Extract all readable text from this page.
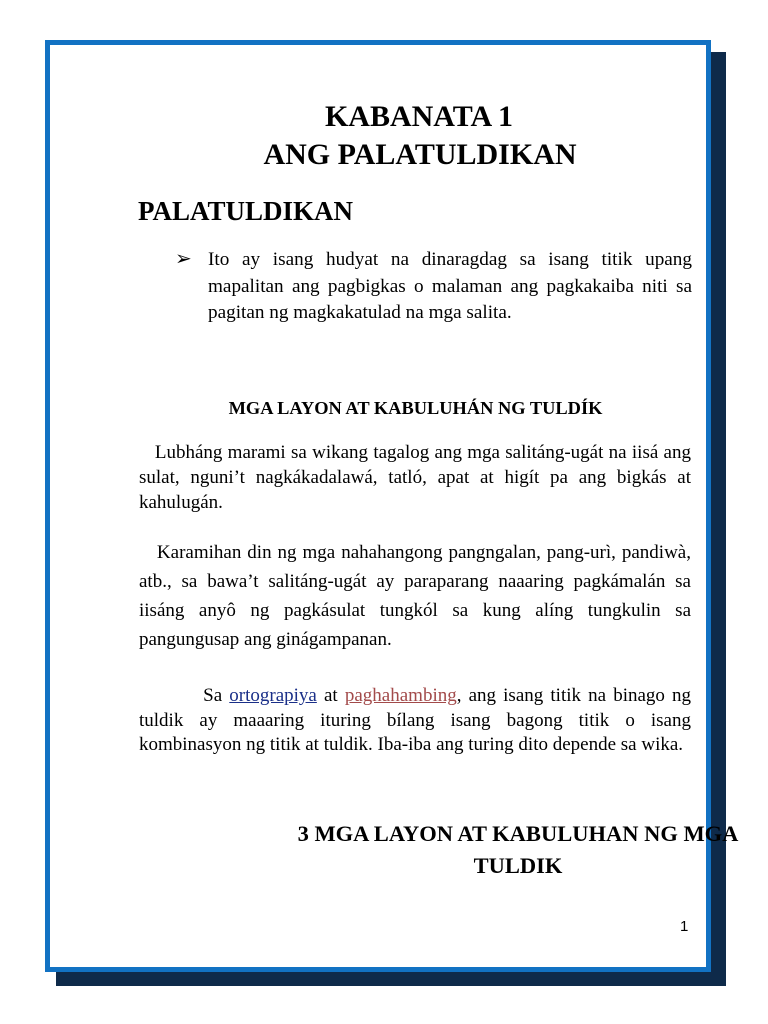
KABANATA 1
ANG PALATULDIKAN
PALATULDIKAN
➢ Ito ay isang hudyat na dinaragdag sa isang titik upang mapalitan ang pagbigkas o malaman ang pagkakaiba niti sa pagitan ng magkakatulad na mga salita.

MGA LAYON AT KABULUHÁN NG TULDÍK

Lubháng marami sa wikang tagalog ang mga salitáng-ugát na iisá ang sulat, nguni’t nagkákadalawá, tatló, apat at higít pa ang bigkás at kahulugán.

Karamihan din ng mga nahahangong pangngalan, pang-urì, pandiwà, atb., sa bawa’t salitáng-ugát ay paraparang naaaring pagkámalán sa iisáng anyô ng pagkásulat tungkól sa kung alíng tungkulin sa pangungusap ang ginágampanan.

Sa ortograpiya at paghahambing, ang isang titik na binago ng tuldik ay maaaring ituring bílang isang bagong titik o isang kombinasyon ng titik at tuldik. Iba-iba ang turing dito depende sa wika.

3 MGA LAYON AT KABULUHAN NG MGA
TULDIK
1
